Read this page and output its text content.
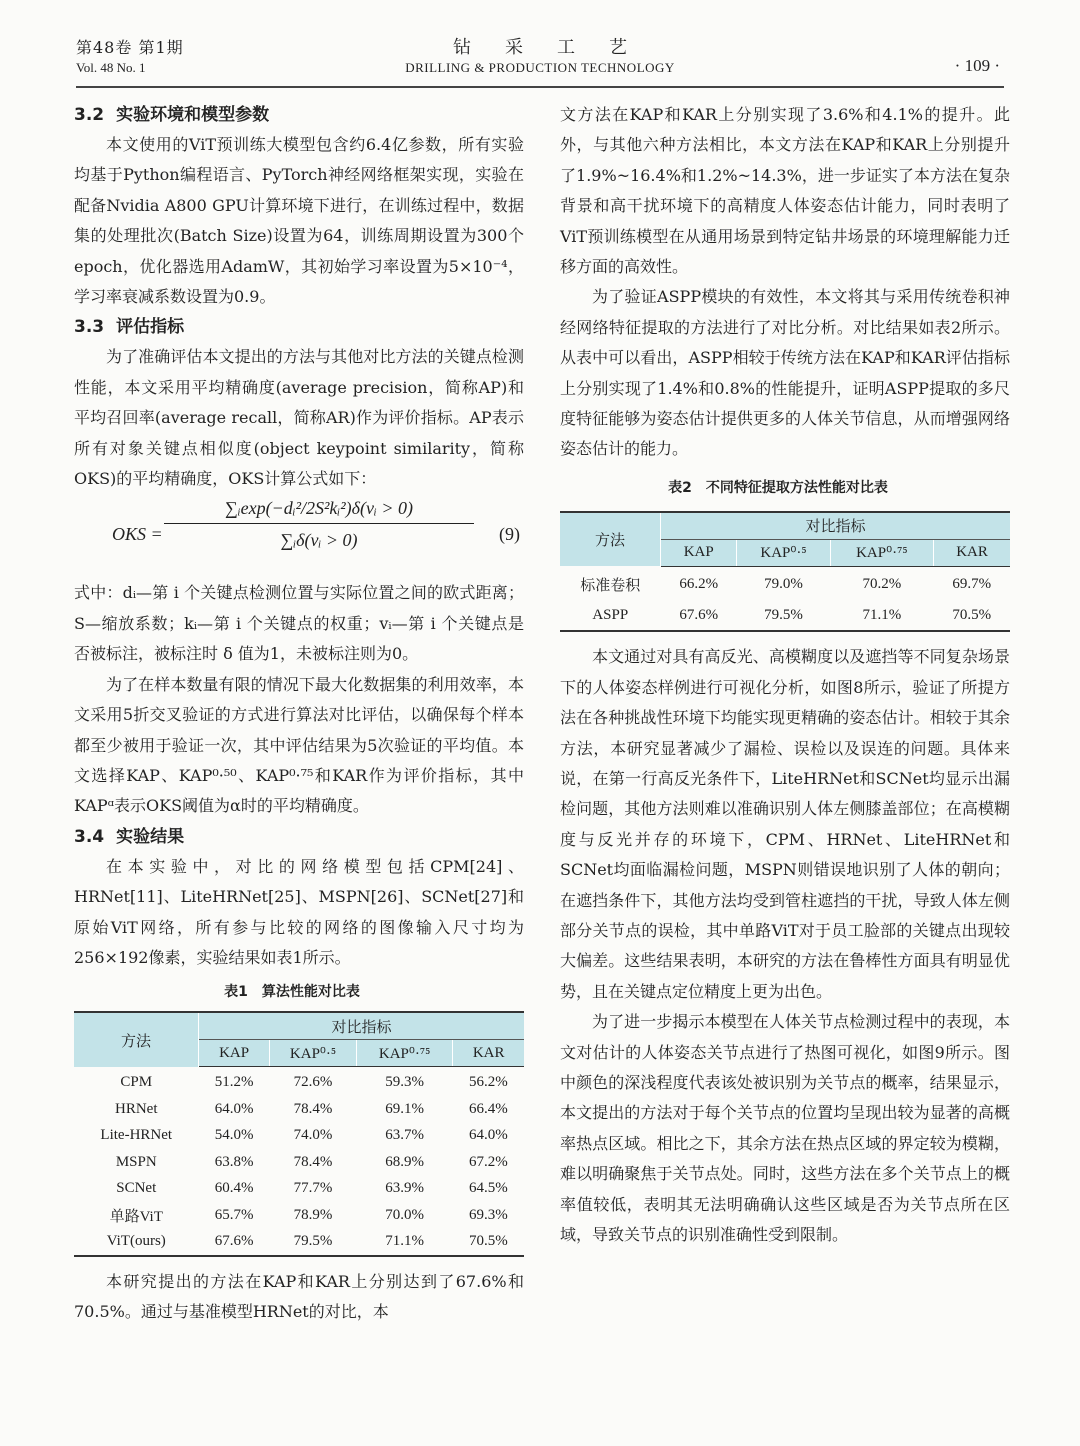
第48卷 第1期
Vol. 48 No. 1
钻采工艺
DRILLING & PRODUCTION TECHNOLOGY	· 109 ·
3.2 实验环境和模型参数

本文使用的ViT预训练大模型包含约6.4亿参数，所有实验均基于Python编程语言、PyTorch神经网络框架实现，实验在配备Nvidia A800 GPU计算环境下进行，在训练过程中，数据集的处理批次(Batch Size)设置为64，训练周期设置为300个epoch，优化器选用AdamW，其初始学习率设置为5×10⁻⁴，学习率衰减系数设置为0.9。

3.3 评估指标

为了准确评估本文提出的方法与其他对比方法的关键点检测性能，本文采用平均精确度(average precision，简称AP)和平均召回率(average recall，简称AR)作为评价指标。AP表示所有对象关键点相似度(object keypoint similarity，简称OKS)的平均精确度，OKS计算公式如下：

OKS = $\frac{\text{∑ᵢexp(−dᵢ²/2S²kᵢ²)δ(vᵢ > 0)}}{\text{∑ᵢδ(vᵢ > 0)}} (9)$

式中：dᵢ—第 i 个关键点检测位置与实际位置之间的欧式距离；S—缩放系数；kᵢ—第 i 个关键点的权重；vᵢ—第 i 个关键点是否被标注，被标注时 δ 值为1，未被标注则为0。

为了在样本数量有限的情况下最大化数据集的利用效率，本文采用5折交叉验证的方式进行算法对比评估，以确保每个样本都至少被用于验证一次，其中评估结果为5次验证的平均值。本文选择KAP、KAP⁰·⁵⁰、KAP⁰·⁷⁵和KAR作为评价指标，其中KAPᵅ表示OKS阈值为α时的平均精确度。

3.4 实验结果

在本实验中，对比的网络模型包括CPM[24]、HRNet[11]、LiteHRNet[25]、MSPN[26]、SCNet[27]和原始ViT网络，所有参与比较的网络的图像输入尺寸均为256×192像素，实验结果如表1所示。

表1 算法性能对比表
方法	对比指标			
	KAP	KAP⁰·⁵	KAP⁰·⁷⁵	KAR
CPM	51.2%	72.6%	59.3%	56.2%
HRNet	64.0%	78.4%	69.1%	66.4%
Lite-HRNet	54.0%	74.0%	63.7%	64.0%
MSPN	63.8%	78.4%	68.9%	67.2%
SCNet	60.4%	77.7%	63.9%	64.5%
单路ViT	65.7%	78.9%	70.0%	69.3%
ViT(ours)	67.6%	79.5%	71.1%	70.5%

本研究提出的方法在KAP和KAR上分别达到了67.6%和70.5%。通过与基准模型HRNet的对比，本

文方法在KAP和KAR上分别实现了3.6%和4.1%的提升。此外，与其他六种方法相比，本文方法在KAP和KAR上分别提升了1.9%~16.4%和1.2%~14.3%，进一步证实了本方法在复杂背景和高干扰环境下的高精度人体姿态估计能力，同时表明了ViT预训练模型在从通用场景到特定钻井场景的环境理解能力迁移方面的高效性。

为了验证ASPP模块的有效性，本文将其与采用传统卷积神经网络特征提取的方法进行了对比分析。对比结果如表2所示。从表中可以看出，ASPP相较于传统方法在KAP和KAR评估指标上分别实现了1.4%和0.8%的性能提升，证明ASPP提取的多尺度特征能够为姿态估计提供更多的人体关节信息，从而增强网络姿态估计的能力。

表2 不同特征提取方法性能对比表
方法	对比指标			
	KAP	KAP⁰·⁵	KAP⁰·⁷⁵	KAR
标准卷积	66.2%	79.0%	70.2%	69.7%
ASPP	67.6%	79.5%	71.1%	70.5%

本文通过对具有高反光、高模糊度以及遮挡等不同复杂场景下的人体姿态样例进行可视化分析，如图8所示，验证了所提方法在各种挑战性环境下均能实现更精确的姿态估计。相较于其余方法，本研究显著减少了漏检、误检以及误连的问题。具体来说，在第一行高反光条件下，LiteHRNet和SCNet均显示出漏检问题，其他方法则难以准确识别人体左侧膝盖部位；在高模糊度与反光并存的环境下，CPM、HRNet、LiteHRNet和SCNet均面临漏检问题，MSPN则错误地识别了人体的朝向；在遮挡条件下，其他方法均受到管柱遮挡的干扰，导致人体左侧部分关节点的误检，其中单路ViT对于员工脸部的关键点出现较大偏差。这些结果表明，本研究的方法在鲁棒性方面具有明显优势，且在关键点定位精度上更为出色。

为了进一步揭示本模型在人体关节点检测过程中的表现，本文对估计的人体姿态关节点进行了热图可视化，如图9所示。图中颜色的深浅程度代表该处被识别为关节点的概率，结果显示，本文提出的方法对于每个关节点的位置均呈现出较为显著的高概率热点区域。相比之下，其余方法在热点区域的界定较为模糊，难以明确聚焦于关节点处。同时，这些方法在多个关节点上的概率值较低，表明其无法明确确认这些区域是否为关节点所在区域，导致关节点的识别准确性受到限制。
